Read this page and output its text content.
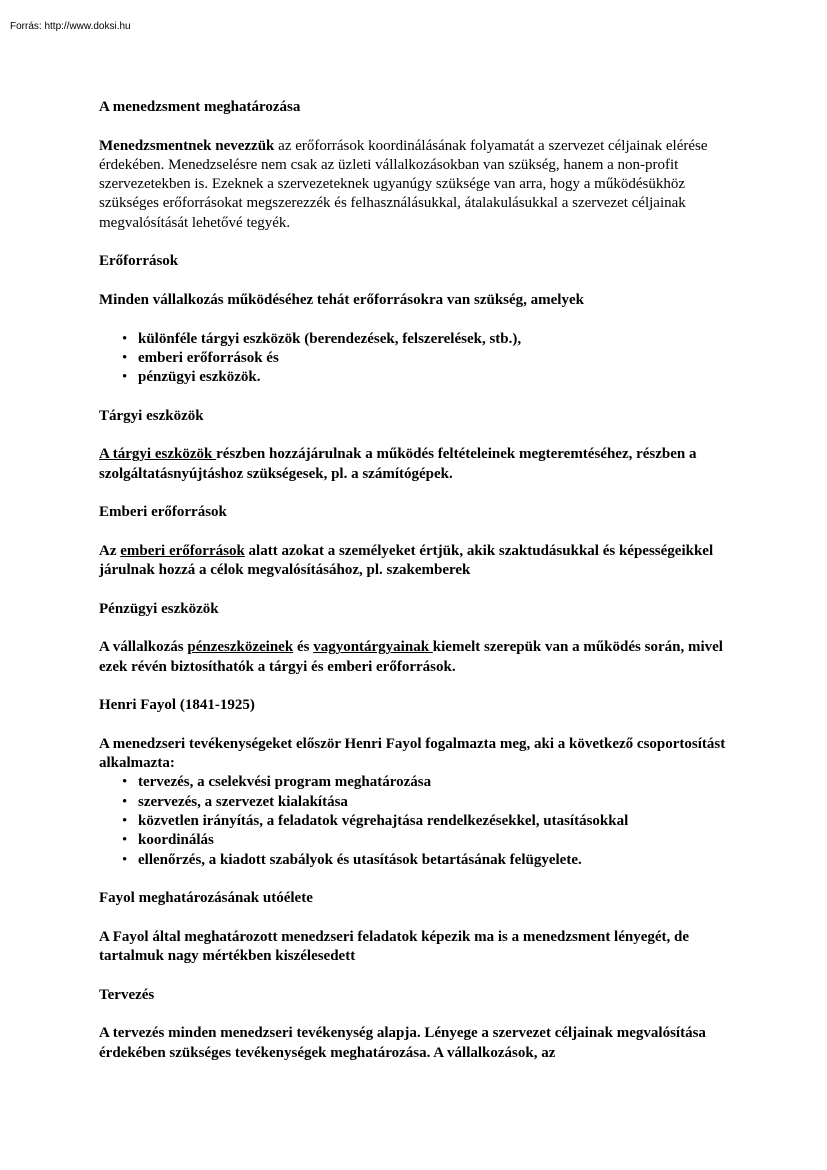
Forrás: http://www.doksi.hu

A menedzsment meghatározása

Menedzsmentnek nevezzük az erőforrások koordinálásának folyamatát a szervezet céljainak elérése érdekében. Menedzselésre nem csak az üzleti vállalkozásokban van szükség, hanem a non-profit szervezetekben is. Ezeknek a szervezeteknek ugyanúgy szüksége van arra, hogy a működésükhöz szükséges erőforrásokat megszerezzék és felhasználásukkal, átalakulásukkal a szervezet céljainak megvalósítását lehetővé tegyék.

Erőforrások

Minden vállalkozás működéséhez tehát erőforrásokra van szükség, amelyek

• különféle tárgyi eszközök (berendezések, felszerelések, stb.),
• emberi erőforrások és
• pénzügyi eszközök.

Tárgyi eszközök

A tárgyi eszközök részben hozzájárulnak a működés feltételeinek megteremtéséhez, részben a szolgáltatásnyújtáshoz szükségesek, pl. a számítógépek.

Emberi erőforrások

Az emberi erőforrások alatt azokat a személyeket értjük, akik szaktudásukkal és képességeikkel járulnak hozzá a célok megvalósításához, pl. szakemberek

Pénzügyi eszközök

A vállalkozás pénzeszközeinek és vagyontárgyainak kiemelt szerepük van a működés során, mivel ezek révén biztosíthatók a tárgyi és emberi erőforrások.

Henri Fayol (1841-1925)

A menedzseri tevékenységeket először Henri Fayol fogalmazta meg, aki a következő csoportosítást alkalmazta:

• tervezés, a cselekvési program meghatározása
• szervezés, a szervezet kialakítása
• közvetlen irányítás, a feladatok végrehajtása rendelkezésekkel, utasításokkal
• koordinálás
• ellenőrzés, a kiadott szabályok és utasítások betartásának felügyelete.

Fayol meghatározásának utóélete

A Fayol által meghatározott menedzseri feladatok képezik ma is a menedzsment lényegét, de tartalmuk nagy mértékben kiszélesedett

Tervezés

A tervezés minden menedzseri tevékenység alapja. Lényege a szervezet céljainak megvalósítása érdekében szükséges tevékenységek meghatározása. A vállalkozások, az
